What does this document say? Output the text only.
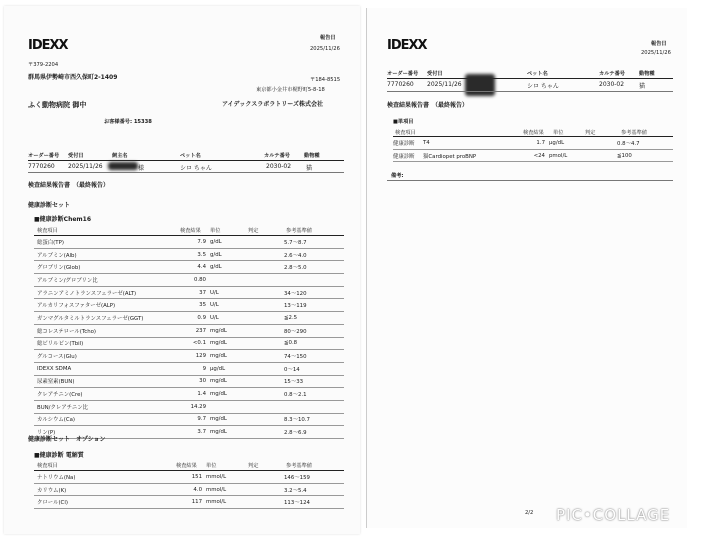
IDEXX	報告日
2025/11/26
〒379-2204
群馬県伊勢崎市西久保町2-1409	〒184-8515
東京都小金井市梶野町5-8-18
ふく動物病院 御中	アイデックスラボラトリーズ株式会社
お客様番号: 15338
オーダー番号 受付日	飼主名	ペット名	カルテ番号	動物種
7770260 2025/11/26	様	シロ ちゃん	2030-02 猫
検査結果報告書　（最終報告）
健康診断セット
■健康診断Chem16
検査項目	検査結果 単位	判定	参考基準値
総蛋白(TP)	7.9	g/dL		5.7〜8.7
アルブミン(Alb)	3.5	g/dL		2.6〜4.0
グロブリン(Glob)	4.4	g/dL		2.8〜5.0
アルブミン/グロブリン比	0.80			
アラニンアミノトランスフェラーゼ(ALT)	37	U/L		34〜120
アルカリフォスファターゼ(ALP)	35	U/L		13〜119
ガンマグルタミルトランスフェラーゼ(GGT)	0.9	U/L		≦2.5
総コレステロール(Tcho)	237	mg/dL		80〜290
総ビリルビン(Tbil)	<0.1	mg/dL		≦0.8
グルコース(Glu)	129	mg/dL		74〜150
IDEXX SDMA	9	μg/dL		0〜14
尿素窒素(BUN)	30	mg/dL		15〜33
クレアチニン(Cre)	1.4	mg/dL		0.8〜2.1
BUN/クレアチニン比	14.29			
カルシウム(Ca)	9.7	mg/dL		8.3〜10.7
リン(P)	3.7	mg/dL		2.8〜6.9
健康診断セット　オプション
■健康診断 電解質
検査項目	検査結果 単位	判定	参考基準値
ナトリウム(Na)	151	mmol/L		146〜159
カリウム(K)	4.0	mmol/L		3.2〜5.4
クロール(Cl)	117	mmol/L		113〜124
IDEXX	報告日
2025/11/26
オーダー番号 受付日	ペット名	カルテ番号	動物種
7770260 2025/11/26	シロ ちゃん	2030-02 猫
検査結果報告書　（最終報告）
■単項目
検査項目	検査結果 単位	判定	参考基準値
健康診断	T4	1.7	μg/dL		0.8〜4.7
健康診断	猫Cardiopet proBNP	<24	pmol/L		≦100
備考:
2/2 PIC•COLLAGE
